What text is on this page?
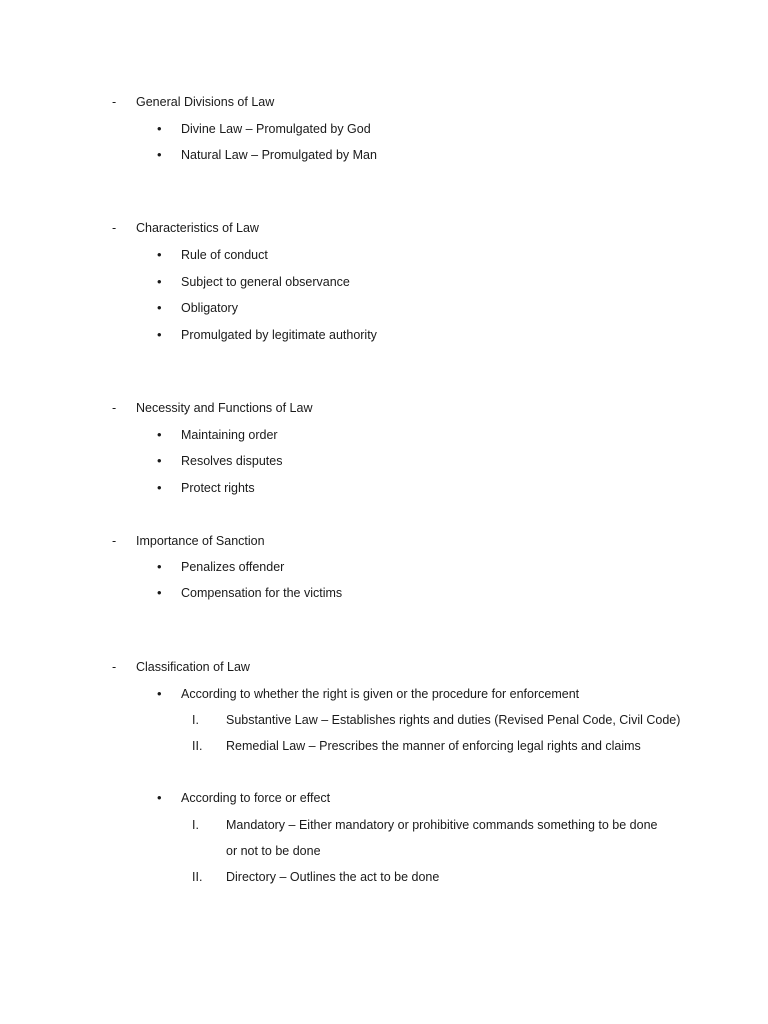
- General Divisions of Law
• Divine Law – Promulgated by God
• Natural Law – Promulgated by Man
- Characteristics of Law
• Rule of conduct
• Subject to general observance
• Obligatory
• Promulgated by legitimate authority
- Necessity and Functions of Law
• Maintaining order
• Resolves disputes
• Protect rights
- Importance of Sanction
• Penalizes offender
• Compensation for the victims
- Classification of Law
• According to whether the right is given or the procedure for enforcement
I. Substantive Law – Establishes rights and duties (Revised Penal Code, Civil Code)
II. Remedial Law – Prescribes the manner of enforcing legal rights and claims
• According to force or effect
I. Mandatory – Either mandatory or prohibitive commands something to be done
or not to be done
II. Directory – Outlines the act to be done
